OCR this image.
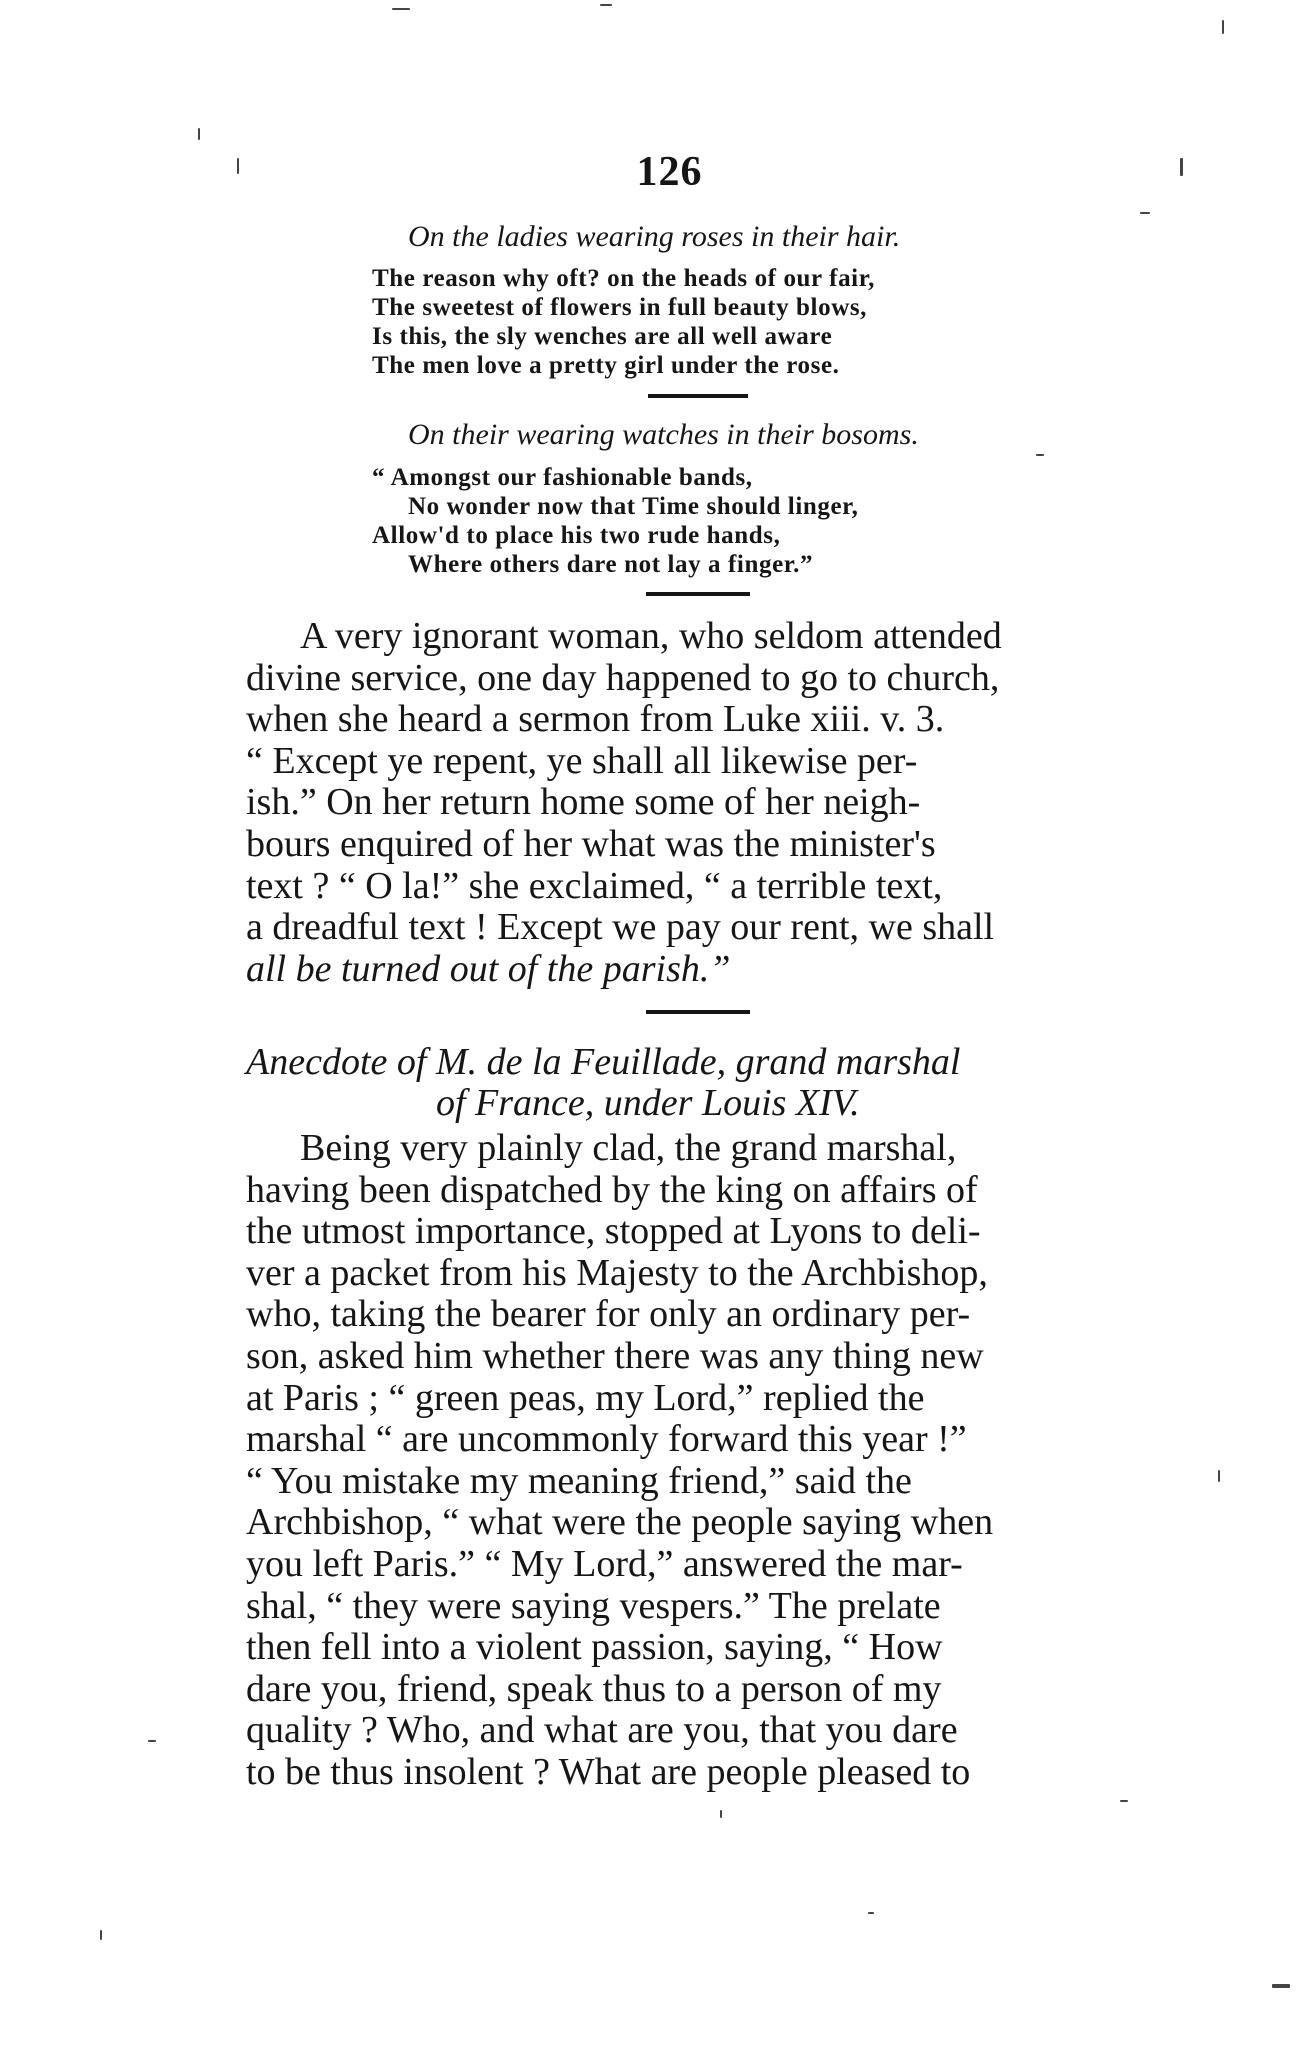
126
On the ladies wearing roses in their hair.
The reason why oft? on the heads of our fair,
The sweetest of flowers in full beauty blows,
Is this, the sly wenches are all well aware
The men love a pretty girl under the rose.
On their wearing watches in their bosoms.
“ Amongst our fashionable bands,
No wonder now that Time should linger,
Allow'd to place his two rude hands,
Where others dare not lay a finger.”
A very ignorant woman, who seldom attended
divine service, one day happened to go to church,
when she heard a sermon from Luke xiii. v. 3.
“ Except ye repent, ye shall all likewise per-
ish.” On her return home some of her neigh-
bours enquired of her what was the minister's
text ? “ O la!” she exclaimed, “ a terrible text,
a dreadful text ! Except we pay our rent, we shall
all be turned out of the parish.”
Anecdote of M. de la Feuillade, grand marshal
of France, under Louis XIV.
Being very plainly clad, the grand marshal,
having been dispatched by the king on affairs of
the utmost importance, stopped at Lyons to deli-
ver a packet from his Majesty to the Archbishop,
who, taking the bearer for only an ordinary per-
son, asked him whether there was any thing new
at Paris ; “ green peas, my Lord,” replied the
marshal “ are uncommonly forward this year !”
“ You mistake my meaning friend,” said the
Archbishop, “ what were the people saying when
you left Paris.” “ My Lord,” answered the mar-
shal, “ they were saying vespers.” The prelate
then fell into a violent passion, saying, “ How
dare you, friend, speak thus to a person of my
quality ? Who, and what are you, that you dare
to be thus insolent ? What are people pleased to
